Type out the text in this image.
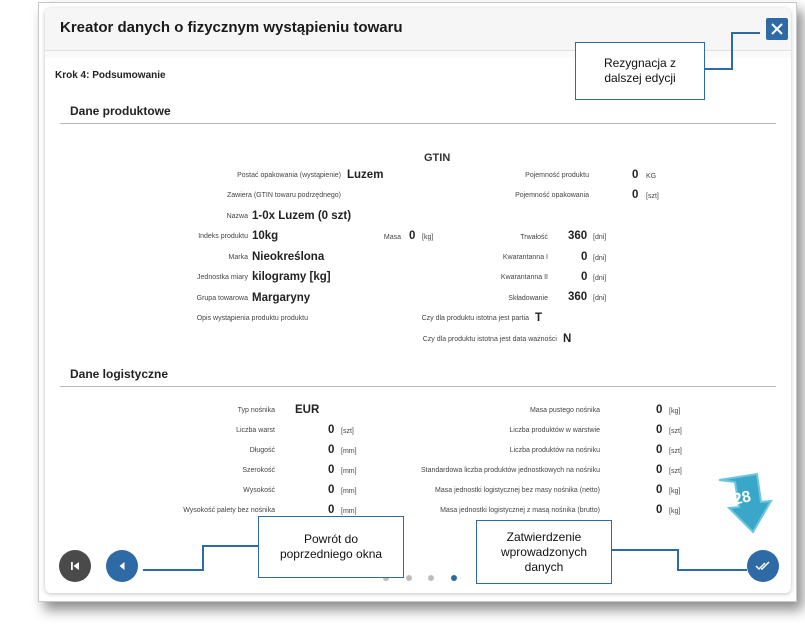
Kreator danych o fizycznym wystąpieniu towaru
Krok 4: Podsumowanie
Dane produktowe
GTIN
Postać opakowania (wystąpienie) Luzem
Zawiera (GTIN towaru podrzędnego)
Nazwa 1-0x Luzem (0 szt)
Indeks produktu 10kg
Marka Nieokreślona
Jednostka miary kilogramy [kg]
Grupa towarowa Margaryny
Opis wystąpienia produktu produktu
Masa 0 [kg]
Pojemność produktu	0 KG
Pojemność opakowania	0 [szt]
Trwałość 360 [dni]
Kwarantanna I	0 [dni]
Kwarantanna II	0 [dni]
Składowanie 360 [dni]
Czy dla produktu istotna jest partia T
Czy dla produktu istotna jest data ważności N
Dane logistyczne
Typ nośnika EUR
Liczba warst	0 [szt]
Długość	0 [mm]
Szerokość	0 [mm]
Wysokość	0 [mm]
Wysokość palety bez nośnika	0 [mm]
Masa pustego nośnika	0 [kg]
Liczba produktów w warstwie	0 [szt]
Liczba produktów na nośniku	0 [szt]
Standardowa liczba produktów jednostkowych na nośniku	0 [szt]
Masa jednostki logistycznej bez masy nośnika (netto)	0 [kg]
Masa jednostki logistycznej z masą nośnika (brutto)	0 [kg]
Rezygnacja z dalszej edycji
Powrót do poprzedniego okna
Zatwierdzenie wprowadzonych danych
28
